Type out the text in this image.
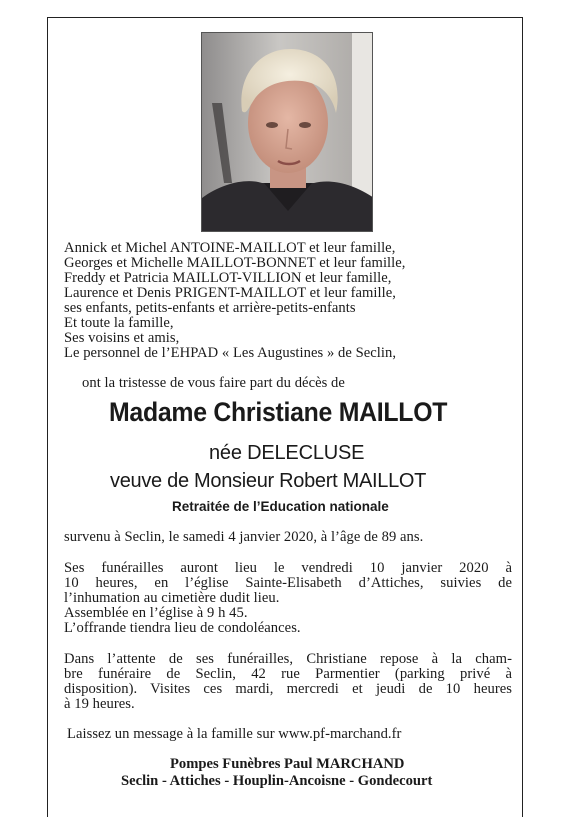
Annick et Michel ANTOINE-MAILLOT et leur famille,

Georges et Michelle MAILLOT-BONNET et leur famille,

Freddy et Patricia MAILLOT-VILLION et leur famille,

Laurence et Denis PRIGENT-MAILLOT et leur famille,

ses enfants, petits-enfants et arrière-petits-enfants

Et toute la famille,

Ses voisins et amis,

Le personnel de l’EHPAD « Les Augustines » de Seclin,

ont la tristesse de vous faire part du décès de

Madame Christiane MAILLOT

née DELECLUSE

veuve de Monsieur Robert MAILLOT

Retraitée de l’Education nationale

survenu à Seclin, le samedi 4 janvier 2020, à l’âge de 89 ans.

Ses funérailles auront lieu le vendredi 10 janvier 2020 à
10 heures, en l’église Sainte-Elisabeth d’Attiches, suivies de
l’inhumation au cimetière dudit lieu.
Assemblée en l’église à 9 h 45.
L’offrande tiendra lieu de condoléances.
Dans l’attente de ses funérailles, Christiane repose à la cham-
bre funéraire de Seclin, 42 rue Parmentier (parking privé à
disposition). Visites ces mardi, mercredi et jeudi de 10 heures
à 19 heures.

Laissez un message à la famille sur www.pf-marchand.fr

Pompes Funèbres Paul MARCHAND

Seclin - Attiches - Houplin-Ancoisne - Gondecourt
